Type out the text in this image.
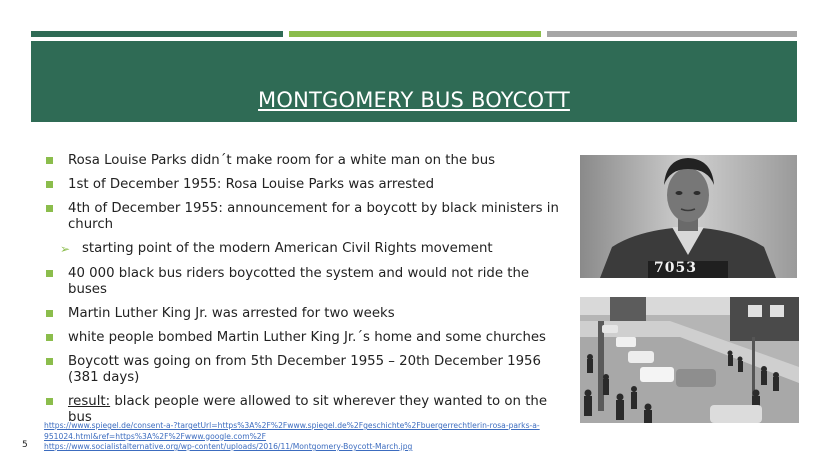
MONTGOMERY BUS BOYCOTT
Rosa Louise Parks didn´t make room for a white man on the bus
1st of December 1955: Rosa Louise Parks was arrested
4th of December 1955: announcement for a boycott by black ministers in church
➢ starting point of the modern American Civil Rights movement
40 000 black bus riders boycotted the system and would not ride the buses
Martin Luther King Jr. was arrested for two weeks
white people bombed Martin Luther King Jr.´s home and some churches
Boycott was going on from 5th December 1955 – 20th December 1956 (381 days)
result: black people were allowed to sit wherever they wanted to on the bus
7053
https://www.spiegel.de/consent-a-?targetUrl=https%3A%2F%2Fwww.spiegel.de%2Fgeschichte%2Fbuergerrechtlerin-rosa-parks-a-
951024.html&ref=https%3A%2F%2Fwww.google.com%2F
https://www.socialistalternative.org/wp-content/uploads/2016/11/Montgomery-Boycott-March.jpg
5
